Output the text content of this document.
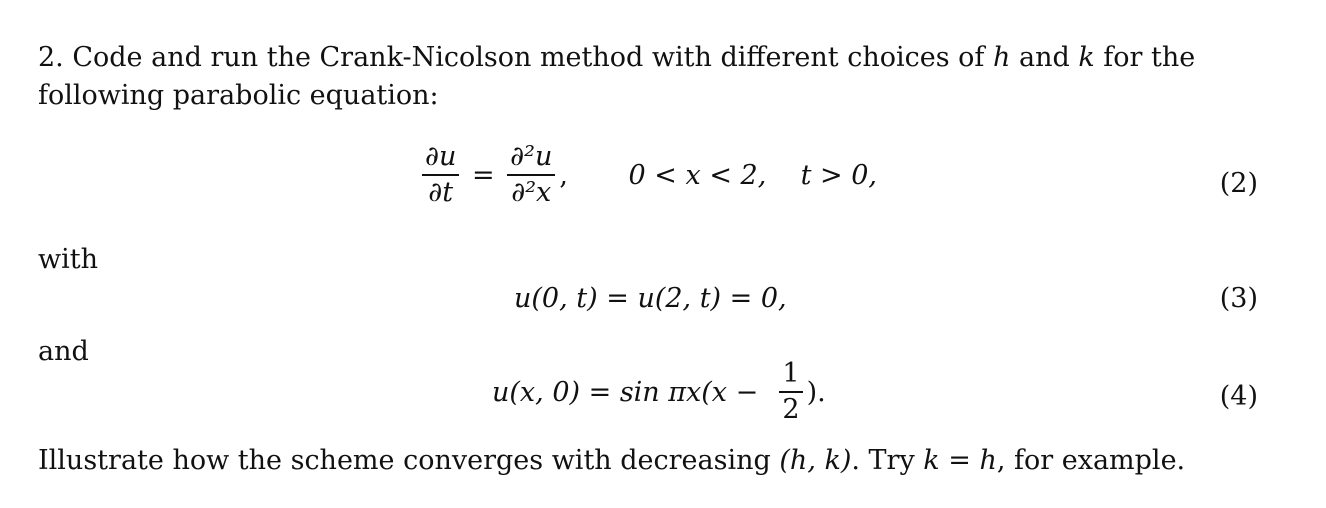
2. Code and run the Crank-Nicolson method with different choices of h and k for the
following parabolic equation:
$\frac{\partial u}{\partial t} = \frac{\text{∂²u}}{\text{∂²x}}$ , 0 < x < 2,    t > 0,	(2)
with
u(0, t) = u(2, t) = 0,	(3)
and
u(x, $0) = \sin \pi x(x - \frac{1}{2}$ ).	(4)
Illustrate how the scheme converges with decreasing (h, k). Try k = h, for example.
